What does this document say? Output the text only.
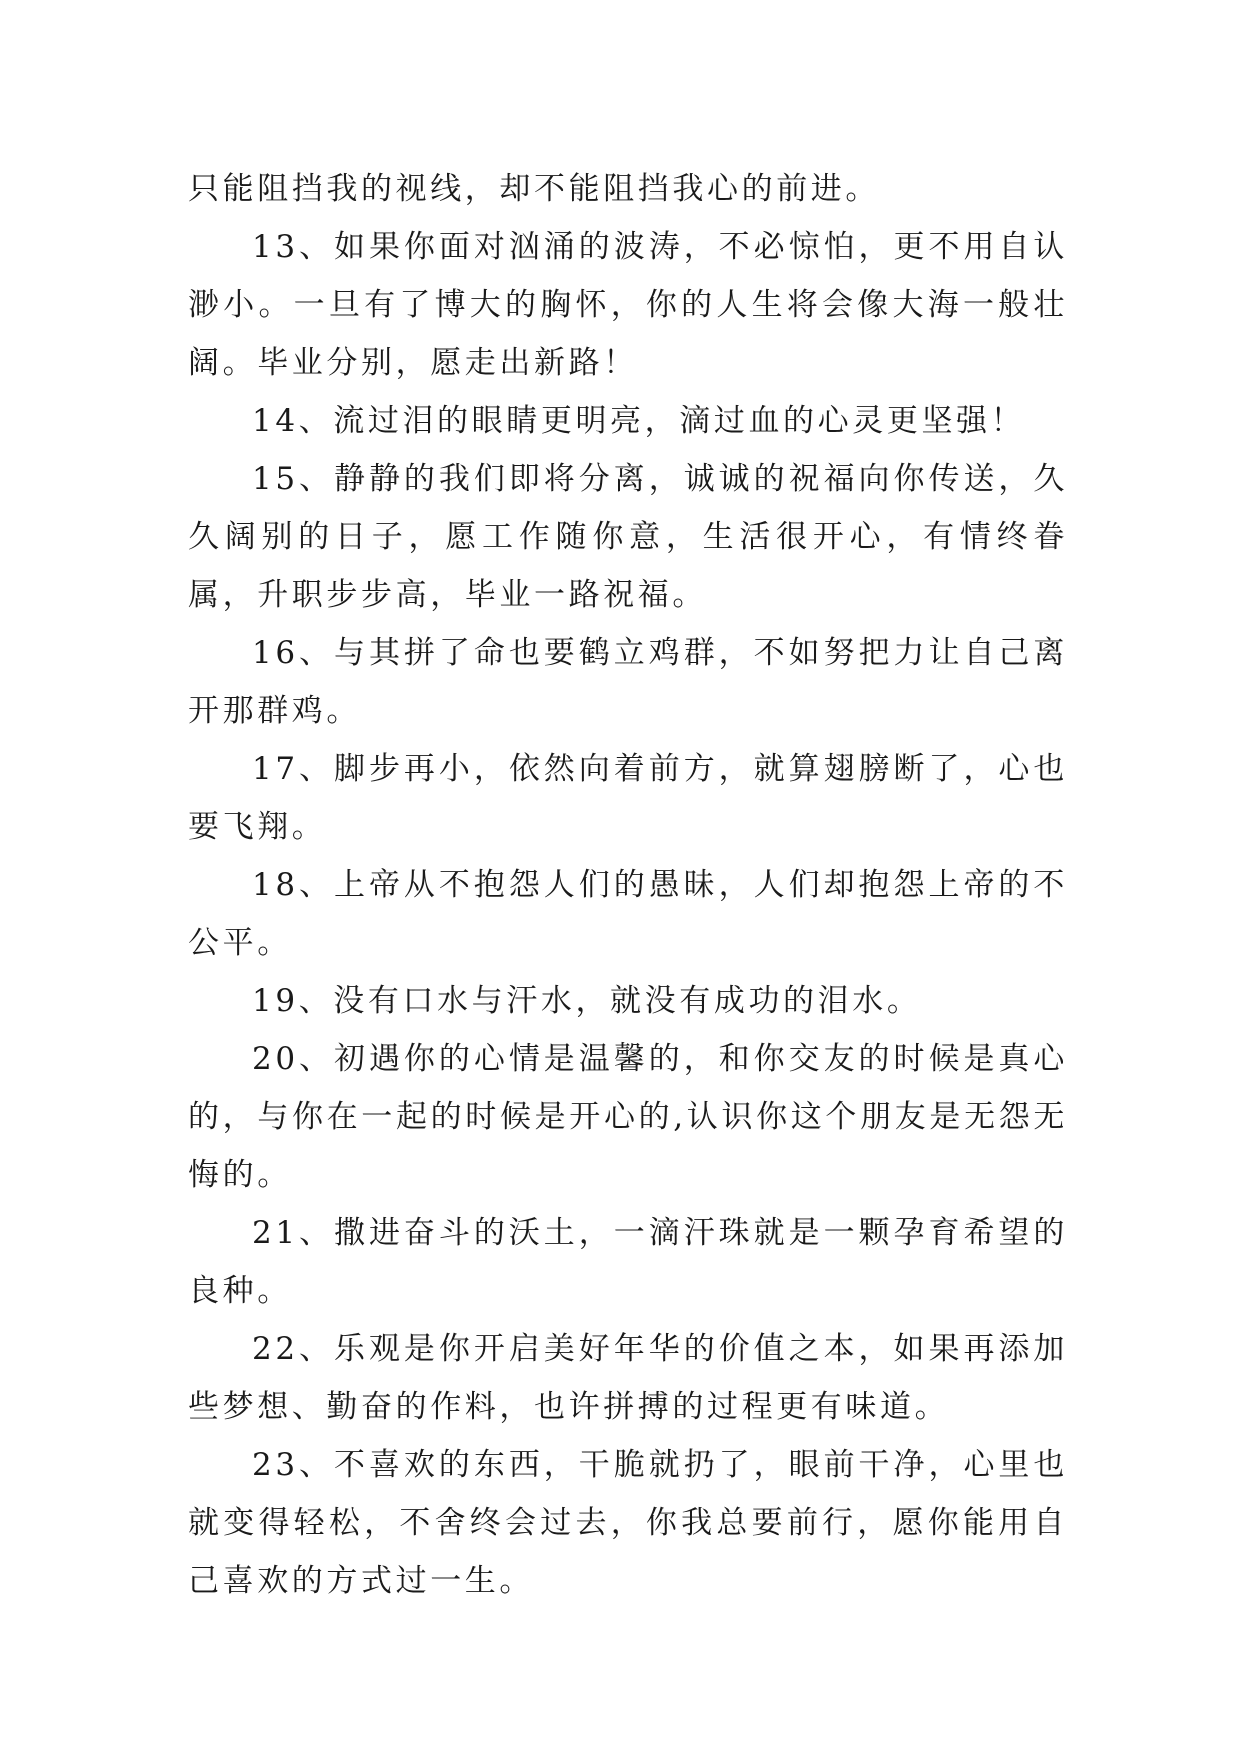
只能阻挡我的视线，却不能阻挡我心的前进。

13、如果你面对汹涌的波涛，不必惊怕，更不用自认渺小。一旦有了博大的胸怀，你的人生将会像大海一般壮阔。毕业分别，愿走出新路！

14、流过泪的眼睛更明亮，滴过血的心灵更坚强！

15、静静的我们即将分离，诚诚的祝福向你传送，久久阔别的日子，愿工作随你意，生活很开心，有情终眷属，升职步步高，毕业一路祝福。

16、与其拼了命也要鹤立鸡群，不如努把力让自己离开那群鸡。

17、脚步再小，依然向着前方，就算翅膀断了，心也要飞翔。

18、上帝从不抱怨人们的愚昧，人们却抱怨上帝的不公平。

19、没有口水与汗水，就没有成功的泪水。

20、初遇你的心情是温馨的，和你交友的时候是真心的，与你在一起的时候是开心的,认识你这个朋友是无怨无悔的。

21、撒进奋斗的沃土，一滴汗珠就是一颗孕育希望的良种。

22、乐观是你开启美好年华的价值之本，如果再添加些梦想、勤奋的作料，也许拼搏的过程更有味道。

23、不喜欢的东西，干脆就扔了，眼前干净，心里也就变得轻松，不舍终会过去，你我总要前行，愿你能用自己喜欢的方式过一生。
